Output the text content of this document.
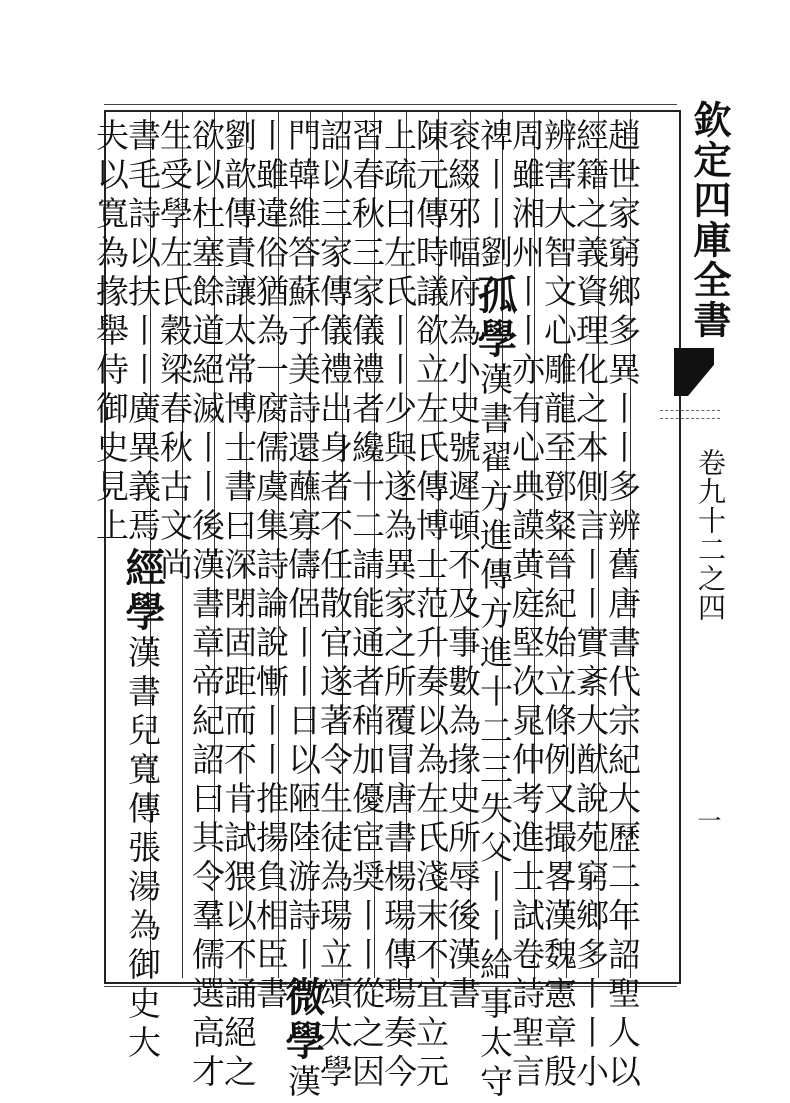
欽定四庫全書
卷九十二之四
一
趙世家窮鄉多異丨丨多辨舊唐書代宗紀大歷二年詔聖人以
經籍之義資理化之本側言丨丨實紊大猷說苑窮鄉多丨丨小
辨害大智文心雕龍至鄧粲晉紀始立條例又撮畧漢魏憲章殷
周雖湘州丨丨亦有心典謨黄庭堅次晁仲考進士試卷詩聖言
禆丨丨劉孤學漢書翟方進傳方進十二三失父丨丨給事太守
衮綴邪幅府為小史號遲頓不及事數為掾史所辱後漢書
陳元傳時議欲立左氏傳博士范升奏以為左氏淺末不宜立元
上疏曰左氏丨丨少與遂為異家之所覆冒唐書楊瑒傳瑒奏今
習春秋三家儀禮者纔十二請能通者稍加優宦奨丨丨從之因
詔以三家傳儀禮出身者不任散官遂著令生徒為瑒立頌太學
門韓維答蘇子美詩還蘸寡儔侶丨丨日以陋陸游詩丨微學漢
丨雖違俗猶為一腐儒虞集詩論說慚丨丨推揚負相臣書
劉歆傳責讓太常博士書曰深閉固距而不肯試猥以不誦絕之
欲以杜塞餘道絕滅丨丨後漢書章帝紀詔曰其令羣儒選高才
生受學左氏穀梁春秋古文尚
書毛詩以扶丨丨廣異義焉經學漢書兒寬傳張湯為御史大
夫以寬為掾舉侍御史見上
